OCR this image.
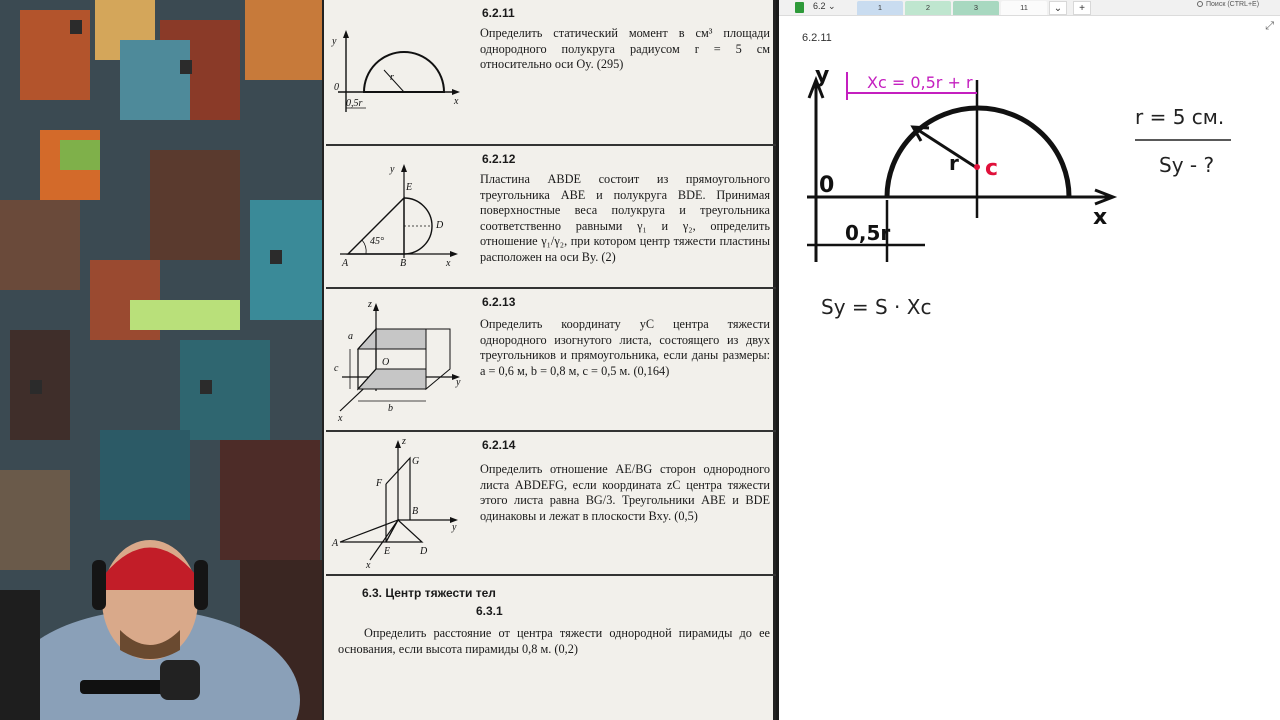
y
0
x
r
0,5r
6.2.11
Определить статический момент в см³ площади однородного полукруга радиусом r = 5 см относительно оси Oy. (295)
y
E
D
A	B	x
45°
6.2.12
Пластина ABDE состоит из прямоугольного треугольника ABE и полукруга BDE. Принимая поверхностные веса полукруга и треугольника соответственно равными γ₁ и γ₂, определить отношение γ₁/γ₂, при котором центр тяжести пластины расположен на оси By. (2)
z
a
c
O
y
b
x
6.2.13
Определить координату yC центра тяжести однородного изогнутого листа, состоящего из двух треугольников и прямоугольника, если даны размеры: a = 0,6 м, b = 0,8 м, c = 0,5 м. (0,164)
z
G
F
B
y
A
E	D
x
6.2.14
Определить отношение AE/BG сторон однородного листа ABDEFG, если координата zC центра тяжести этого листа равна BG/3. Треугольники ABE и BDE одинаковы и лежат в плоскости Bxy. (0,5)
6.3. Центр тяжести тел
6.3.1
Определить расстояние от центра тяжести однородной пирамиды до ее основания, если высота пирамиды 0,8 м. (0,2)
6.2 ⌄	1	2	3	11	⌄	+	Поиск (CTRL+E)
⤢
6.2.11
y
x
0
r c
Xc = 0,5r + r
0,5r
r = 5 см.
Sy - ?
Sy = S · Xc
